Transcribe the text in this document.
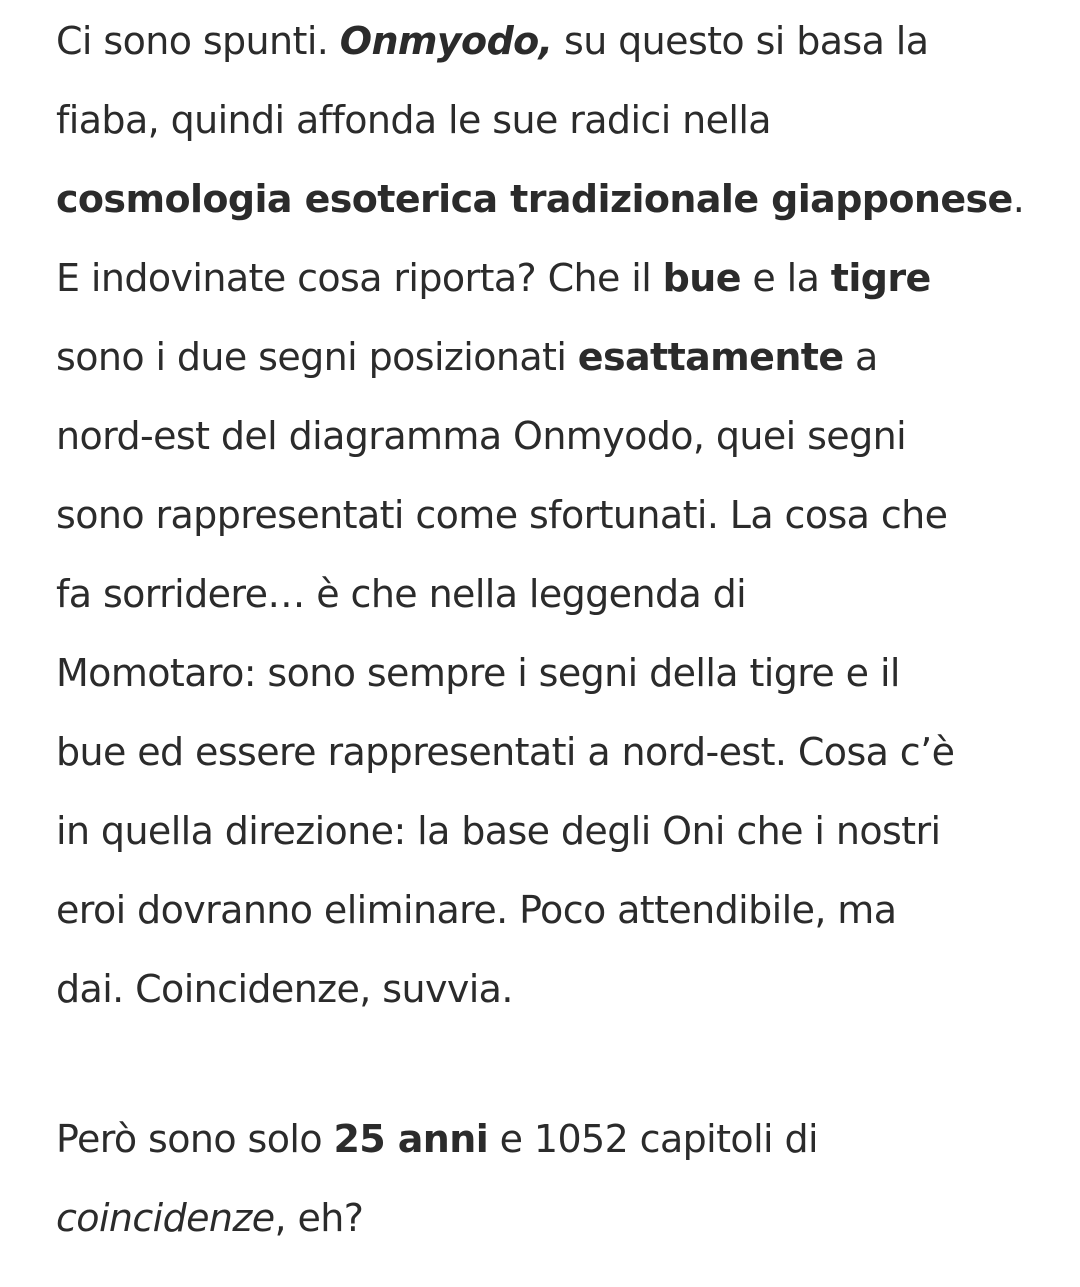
Ci sono spunti. Onmyodo, su questo si basa la
fiaba, quindi affonda le sue radici nella
cosmologia esoterica tradizionale giapponese.
E indovinate cosa riporta? Che il bue e la tigre
sono i due segni posizionati esattamente a
nord-est del diagramma Onmyodo, quei segni
sono rappresentati come sfortunati. La cosa che
fa sorridere… è che nella leggenda di
Momotaro: sono sempre i segni della tigre e il
bue ed essere rappresentati a nord-est. Cosa c’è
in quella direzione: la base degli Oni che i nostri
eroi dovranno eliminare. Poco attendibile, ma
dai. Coincidenze, suvvia.

Però sono solo 25 anni e 1052 capitoli di
coincidenze, eh?
